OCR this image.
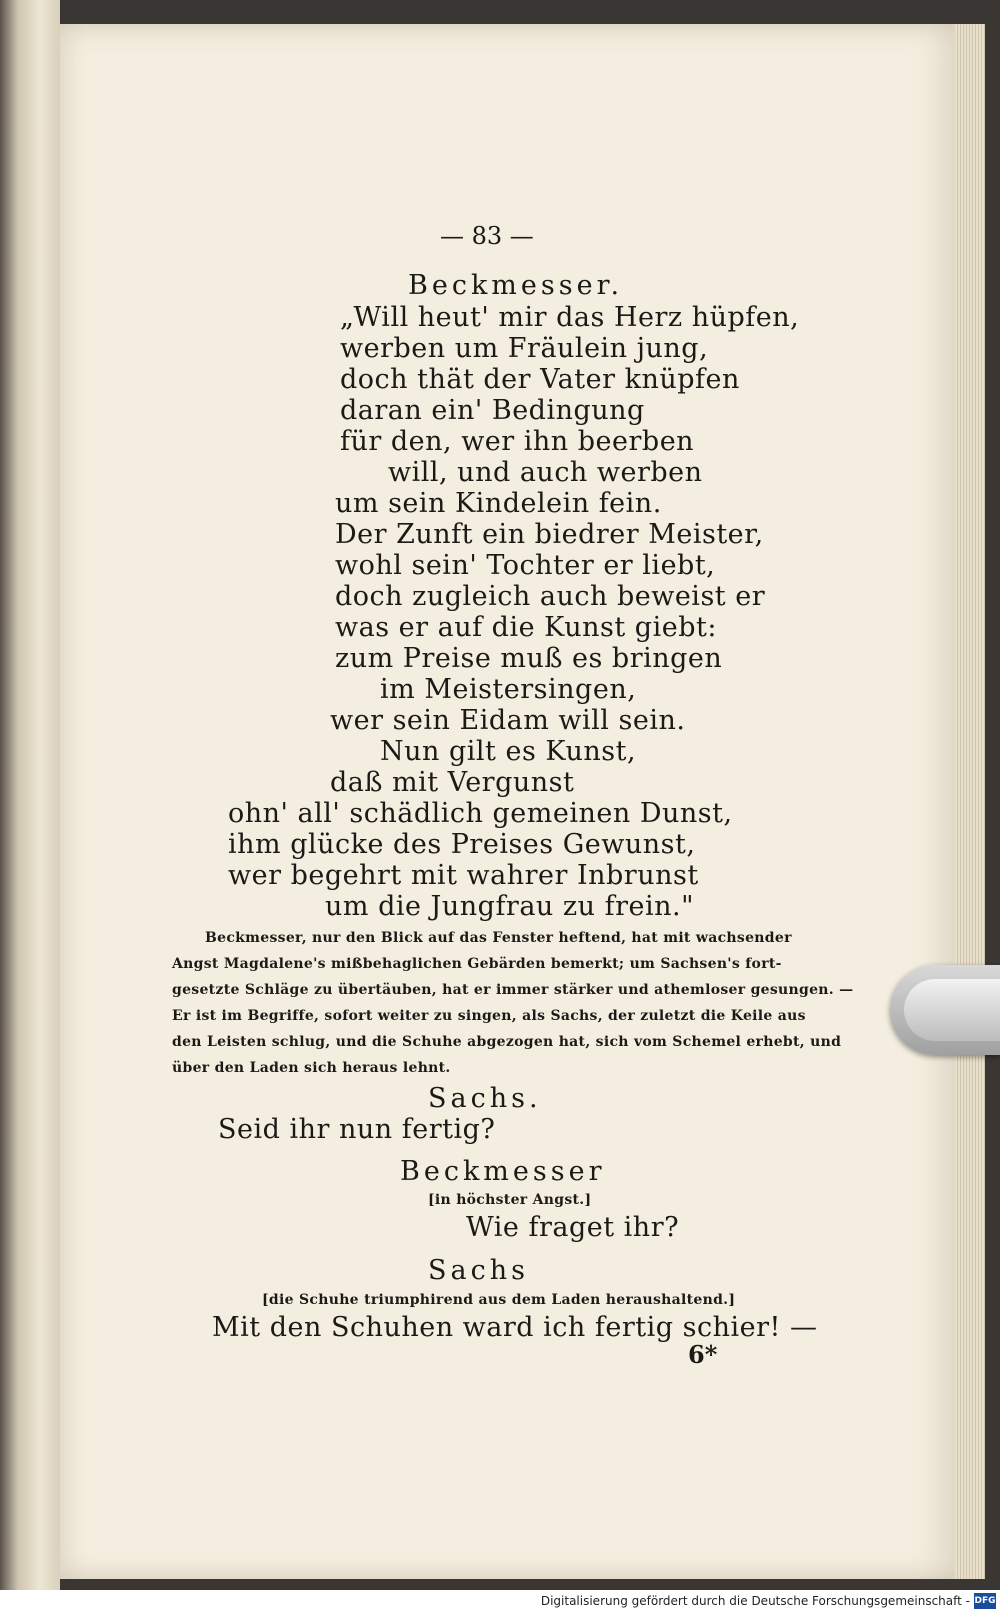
— 83 —
Beckmesser.
„Will heut' mir das Herz hüpfen,
werben um Fräulein jung,
doch thät der Vater knüpfen
daran ein' Bedingung
für den, wer ihn beerben
will, und auch werben
um sein Kindelein fein.
Der Zunft ein biedrer Meister,
wohl sein' Tochter er liebt,
doch zugleich auch beweist er
was er auf die Kunst giebt:
zum Preise muß es bringen
im Meistersingen,
wer sein Eidam will sein.
Nun gilt es Kunst,
daß mit Vergunst
ohn' all' schädlich gemeinen Dunst,
ihm glücke des Preises Gewunst,
wer begehrt mit wahrer Inbrunst
um die Jungfrau zu frein."
Beckmesser, nur den Blick auf das Fenster heftend, hat mit wachsender
Angst Magdalene's mißbehaglichen Gebärden bemerkt; um Sachsen's fort-
gesetzte Schläge zu übertäuben, hat er immer stärker und athemloser gesungen. —
Er ist im Begriffe, sofort weiter zu singen, als Sachs, der zuletzt die Keile aus
den Leisten schlug, und die Schuhe abgezogen hat, sich vom Schemel erhebt, und
über den Laden sich heraus lehnt.
Sachs.
Seid ihr nun fertig?
Beckmesser
[in höchster Angst.]
Wie fraget ihr?
Sachs
[die Schuhe triumphirend aus dem Laden heraushaltend.]
Mit den Schuhen ward ich fertig schier! —
6*
Digitalisierung gefördert durch die Deutsche Forschungsgemeinschaft - DFG
